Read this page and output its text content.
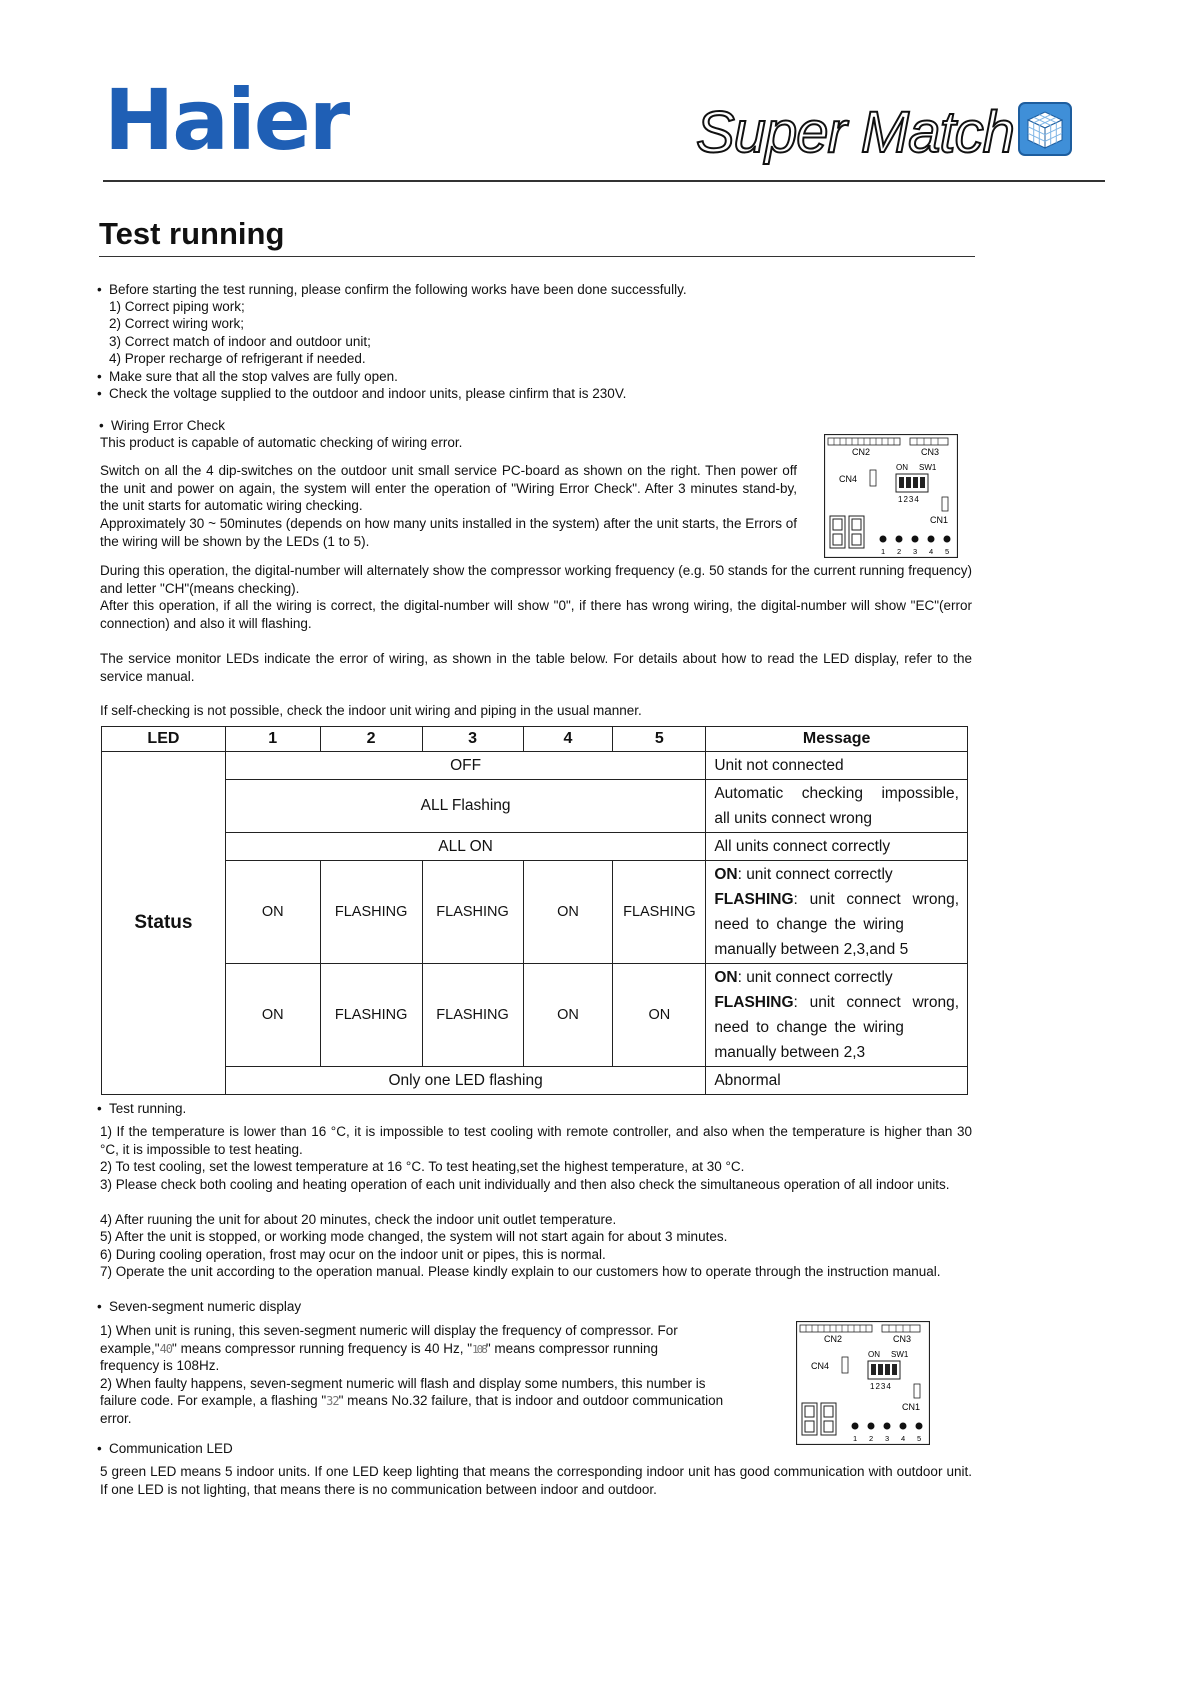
Haier	Super Match
Test running
• Before starting the test running, please confirm the following works have been done successfully.
1) Correct piping work;
2) Correct wiring work;
3) Correct match of indoor and outdoor unit;
4) Proper recharge of refrigerant if needed.
• Make sure that all the stop valves are fully open.
• Check the voltage supplied to the outdoor and indoor units, please cinfirm that is 230V.
• Wiring Error Check
This product is capable of automatic checking of wiring error.
Switch on all the 4 dip-switches on the outdoor unit small service PC-board as shown on the right. Then power off the unit and power on again, the system will enter the operation of "Wiring Error Check". After 3 minutes stand-by, the unit starts for automatic wiring checking.
Approximately 30 ~ 50minutes (depends on how many units installed in the system) after the unit starts, the Errors of the wiring will be shown by the LEDs (1 to 5).
CN2	CN3
ON SW1
CN4
1234
CN1
1 2 3 4 5
During this operation, the digital-number will alternately show the compressor working frequency (e.g. 50 stands for the current running frequency) and letter "CH"(means checking).
After this operation, if all the wiring is correct, the digital-number will show "0", if there has wrong wiring, the digital-number will show "EC"(error connection) and also it will flashing.
The service monitor LEDs indicate the error of wiring, as shown in the table below. For details about how to read the LED display, refer to the service manual.
If self-checking is not possible, check the indoor unit wiring and piping in the usual manner.
LED	1	2	3	4	5	Message
Status	OFF					Unit not connected
	ALL Flashing					Automatic checking impossible,
all units connect wrong

	ALL ON					All units connect correctly
	ON	FLASHING	FLASHING	ON	FLASHING	ON: unit connect correctly
FLASHING: unit connect wrong,
need to change the wiring
manually between 2,3,and 5

	ON	FLASHING	FLASHING	ON	ON	ON: unit connect correctly
FLASHING: unit connect wrong,
need to change the wiring
manually between 2,3

	Only one LED flashing					Abnormal
• Test running.
1) If the temperature is lower than 16 °C, it is impossible to test cooling with remote controller, and also when the temperature is higher than 30 °C, it is impossible to test heating.
2) To test cooling, set the lowest temperature at 16 °C. To test heating,set the highest temperature, at 30 °C.
3) Please check both cooling and heating operation of each unit individually and then also check the simultaneous operation of all indoor units.
4) After ruuning the unit for about 20 minutes, check the indoor unit outlet temperature.
5) After the unit is stopped, or working mode changed, the system will not start again for about 3 minutes.
6) During cooling operation, frost may ocur on the indoor unit or pipes, this is normal.
7) Operate the unit according to the operation manual. Please kindly explain to our customers how to operate through the instruction manual.
• Seven-segment numeric display
1) When unit is runing, this seven-segment numeric will display the frequency of compressor. For
example,"40" means compressor running frequency is 40 Hz, "108" means compressor running
frequency is 108Hz.
2) When faulty happens, seven-segment numeric will flash and display some numbers, this number is
failure code. For example, a flashing "32" means No.32 failure, that is indoor and outdoor communication
error.
CN2	CN3
ON SW1
CN4
1234
CN1
1 2 3 4 5
• Communication LED
5 green LED means 5 indoor units. If one LED keep lighting that means the corresponding indoor unit has good communication with outdoor unit. If one LED is not lighting, that means there is no communication between indoor and outdoor.
